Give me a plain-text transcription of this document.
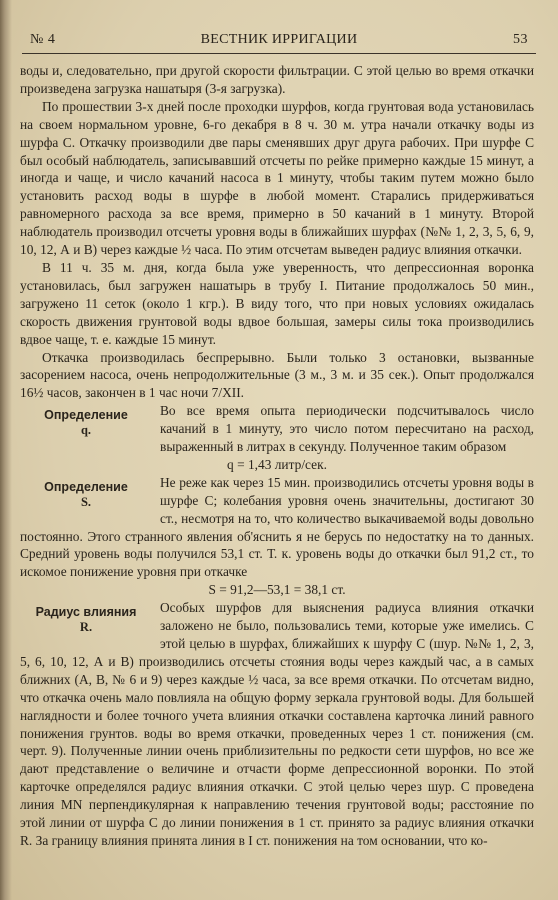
№ 4	ВЕСТНИК ИРРИГАЦИИ	53

воды и, следовательно, при другой скорости фильтрации. С этой целью во время откачки произведена загрузка нашатыря (3-я загрузка).

По прошествии 3-х дней после проходки шурфов, когда грунтовая вода установилась на своем нормальном уровне, 6-го декабря в 8 ч. 30 м. утра начали откачку воды из шурфа С. Откачку производили две пары сменявших друг друга рабочих. При шурфе С был особый наблюдатель, записывавший отсчеты по рейке примерно каждые 15 минут, а иногда и чаще, и число качаний насоса в 1 минуту, чтобы таким путем можно было установить расход воды в шурфе в любой момент. Старались придерживаться равномерного расхода за все время, примерно в 50 качаний в 1 минуту. Второй наблюдатель производил отсчеты уровня воды в ближайших шурфах (№№ 1, 2, 3, 5, 6, 9, 10, 12, А и В) через каждые ½ часа. По этим отсчетам выведен радиус влияния откачки.

В 11 ч. 35 м. дня, когда была уже уверенность, что депрессионная воронка установилась, был загружен нашатырь в трубу I. Питание продолжалось 50 мин., загружено 11 сеток (около 1 кгр.). В виду того, что при новых условиях ожидалась скорость движения грунтовой воды вдвое большая, замеры силы тока производились вдвое чаще, т. е. каждые 15 минут.

Откачка производилась беспрерывно. Были только 3 остановки, вызванные засорением насоса, очень непродолжительные (3 м., 3 м. и 35 сек.). Опыт продолжался 16½ часов, закончен в 1 час ночи 7/XII.

Определение
q.

Во все время опыта периодически подсчитывалось число качаний в 1 минуту, это число потом пересчитано на расход, выраженный в литрах в секунду. Полученное таким образом

q = 1,43 литр/сек.

Определение
S.

Не реже как через 15 мин. производились отсчеты уровня воды в шурфе С; колебания уровня очень значительны, достигают 30 ст., несмотря на то, что количество выкачиваемой воды довольно постоянно. Этого странного явления об'яснить я не берусь по недостатку на то данных. Средний уровень воды получился 53,1 ст. Т. к. уровень воды до откачки был 91,2 ст., то искомое понижение уровня при откачке

S = 91,2—53,1 = 38,1 ст.

Радиус влияния
R.

Особых шурфов для выяснения радиуса влияния откачки заложено не было, пользовались теми, которые уже имелись. С этой целью в шурфах, ближайших к шурфу С (шур. №№ 1, 2, 3, 5, 6, 10, 12, А и В) производились отсчеты стояния воды через каждый час, а в самых ближних (А, В, № 6 и 9) через каждые ½ часа, за все время откачки. По отсчетам видно, что откачка очень мало повлияла на общую форму зеркала грунтовой воды. Для большей наглядности и более точного учета влияния откачки составлена карточка линий равного понижения грунтов. воды во время откачки, проведенных через 1 ст. понижения (см. черт. 9). Полученные линии очень приблизительны по редкости сети шурфов, но все же дают представление о величине и отчасти форме депрессионной воронки. По этой карточке определялся радиус влияния откачки. С этой целью через шур. С проведена линия MN перпендикулярная к направлению течения грунтовой воды; расстояние по этой линии от шурфа С до линии понижения в 1 ст. принято за радиус влияния откачки R. За границу влияния принята линия в I ст. понижения на том основании, что ко-
